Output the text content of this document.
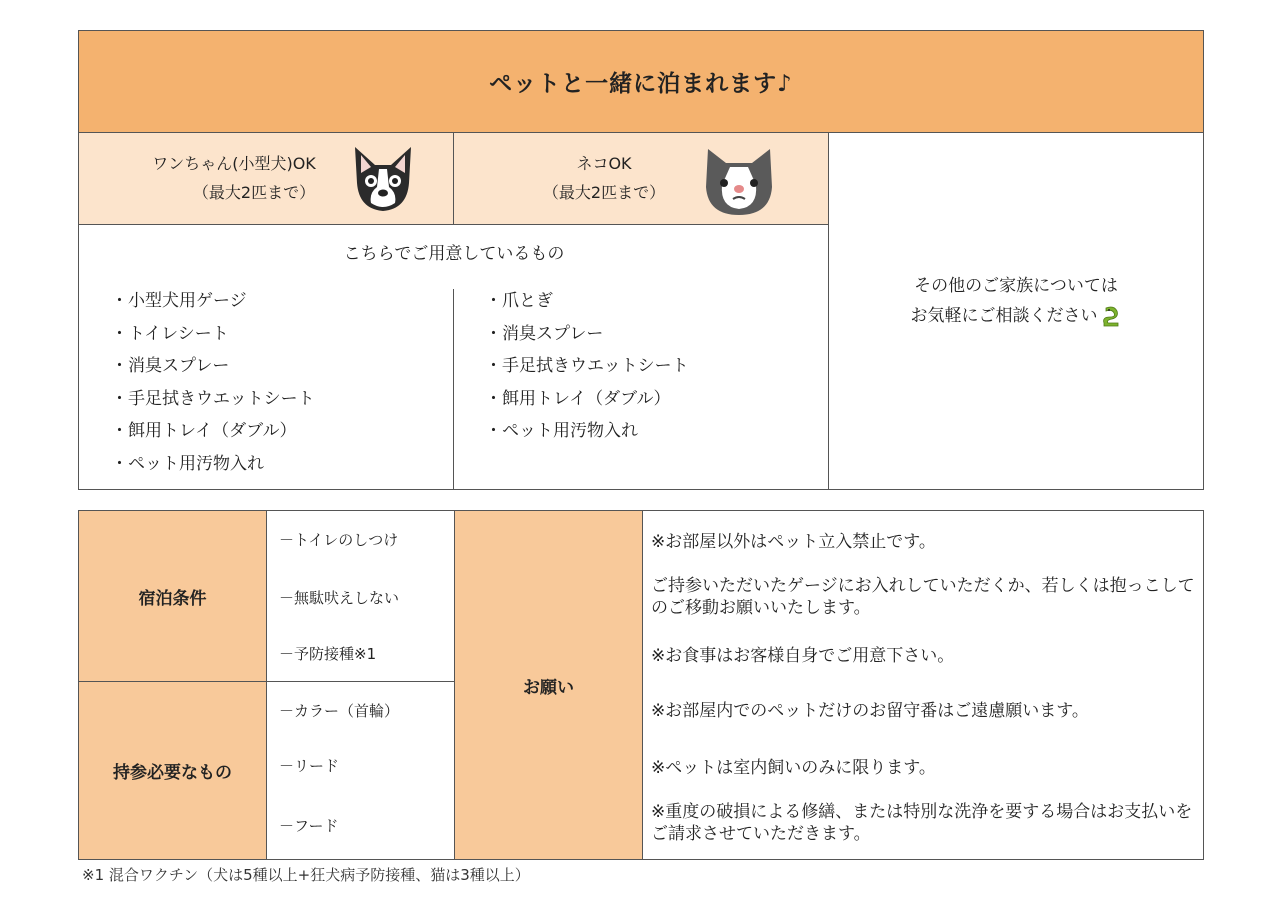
ペットと一緒に泊まれます♪
ワンちゃん(小型犬)OK
（最大2匹まで）
ネコOK
（最大2匹まで）
その他のご家族については
お気軽にご相談ください
こちらでご用意しているもの
・小型犬用ゲージ
・トイレシート
・消臭スプレー
・手足拭きウエットシート
・餌用トレイ（ダブル）
・ペット用汚物入れ
・爪とぎ
・消臭スプレー
・手足拭きウエットシート
・餌用トレイ（ダブル）
・ペット用汚物入れ
宿泊条件
－トイレのしつけ
－無駄吠えしない
－予防接種※1
持参必要なもの
－カラー（首輪）
－リード
－フード
お願い
※お部屋以外はペット立入禁止です。
ご持参いただいたゲージにお入れしていただくか、若しくは抱っこしてのご移動お願いいたします。
※お食事はお客様自身でご用意下さい。
※お部屋内でのペットだけのお留守番はご遠慮願います。
※ペットは室内飼いのみに限ります。
※重度の破損による修繕、または特別な洗浄を要する場合はお支払いをご請求させていただきます。
※1 混合ワクチン（犬は5種以上+狂犬病予防接種、猫は3種以上）
